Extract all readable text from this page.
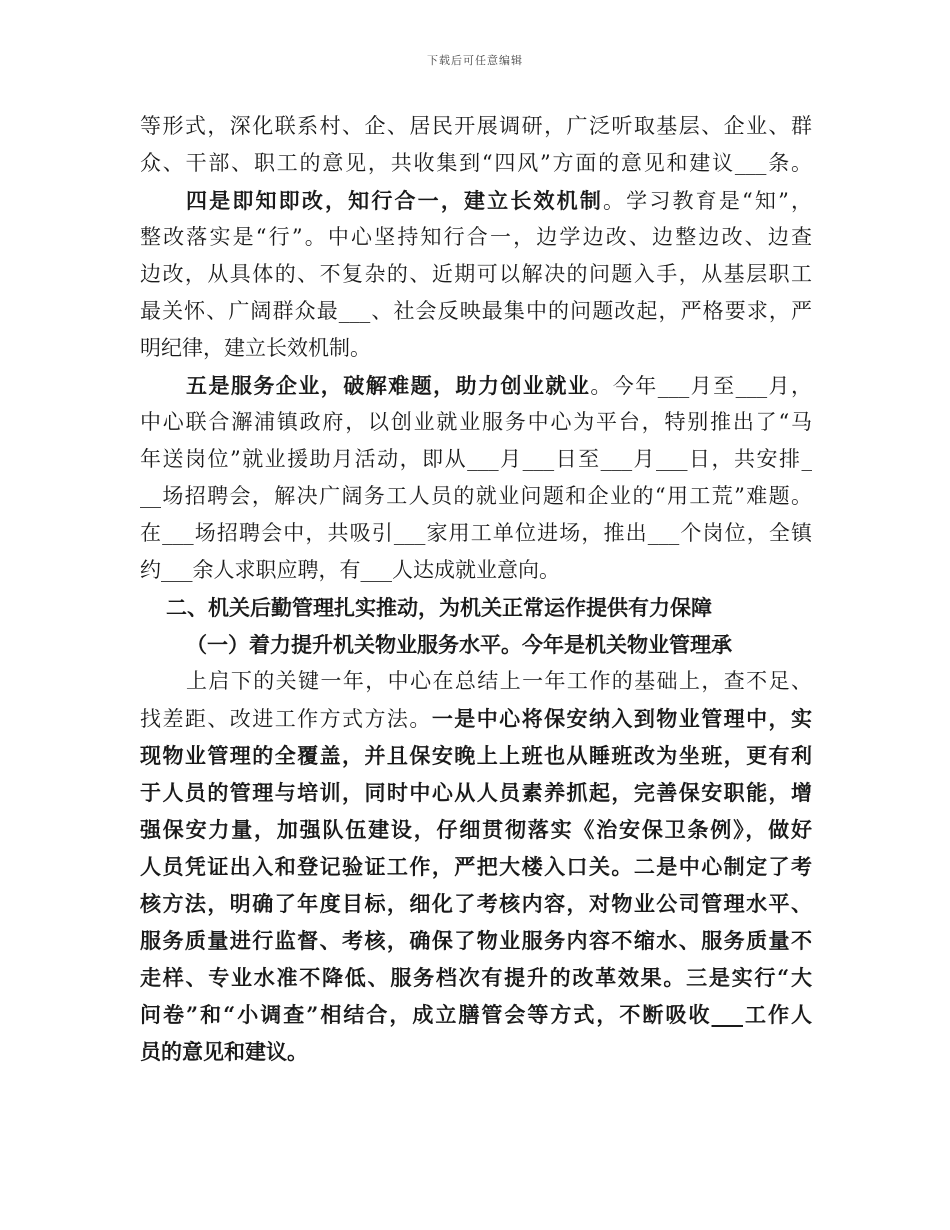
下载后可任意编辑
等形式，深化联系村、企、居民开展调研，广泛听取基层、企业、群
众、干部、职工的意见，共收集到“四风”方面的意见和建议___条。
四是即知即改，知行合一，建立长效机制。学习教育是“知”，
整改落实是“行”。中心坚持知行合一，边学边改、边整边改、边查
边改，从具体的、不复杂的、近期可以解决的问题入手，从基层职工
最关怀、广阔群众最___、社会反映最集中的问题改起，严格要求，严
明纪律，建立长效机制。
五是服务企业，破解难题，助力创业就业。今年___月至___月，
中心联合澥浦镇政府，以创业就业服务中心为平台，特别推出了“马
年送岗位”就业援助月活动，即从___月___日至___月___日，共安排_
__场招聘会，解决广阔务工人员的就业问题和企业的“用工荒”难题。
在___场招聘会中，共吸引___家用工单位进场，推出___个岗位，全镇
约___余人求职应聘，有___人达成就业意向。
二、机关后勤管理扎实推动，为机关正常运作提供有力保障
（一）着力提升机关物业服务水平。今年是机关物业管理承
上启下的关键一年，中心在总结上一年工作的基础上，查不足、
找差距、改进工作方式方法。一是中心将保安纳入到物业管理中，实
现物业管理的全覆盖，并且保安晚上上班也从睡班改为坐班，更有利
于人员的管理与培训，同时中心从人员素养抓起，完善保安职能，增
强保安力量，加强队伍建设，仔细贯彻落实《治安保卫条例》，做好
人员凭证出入和登记验证工作，严把大楼入口关。二是中心制定了考
核方法，明确了年度目标，细化了考核内容，对物业公司管理水平、
服务质量进行监督、考核，确保了物业服务内容不缩水、服务质量不
走样、专业水准不降低、服务档次有提升的改革效果。三是实行“大
问卷”和“小调查”相结合，成立膳管会等方式，不断吸收___工作人
员的意见和建议。
